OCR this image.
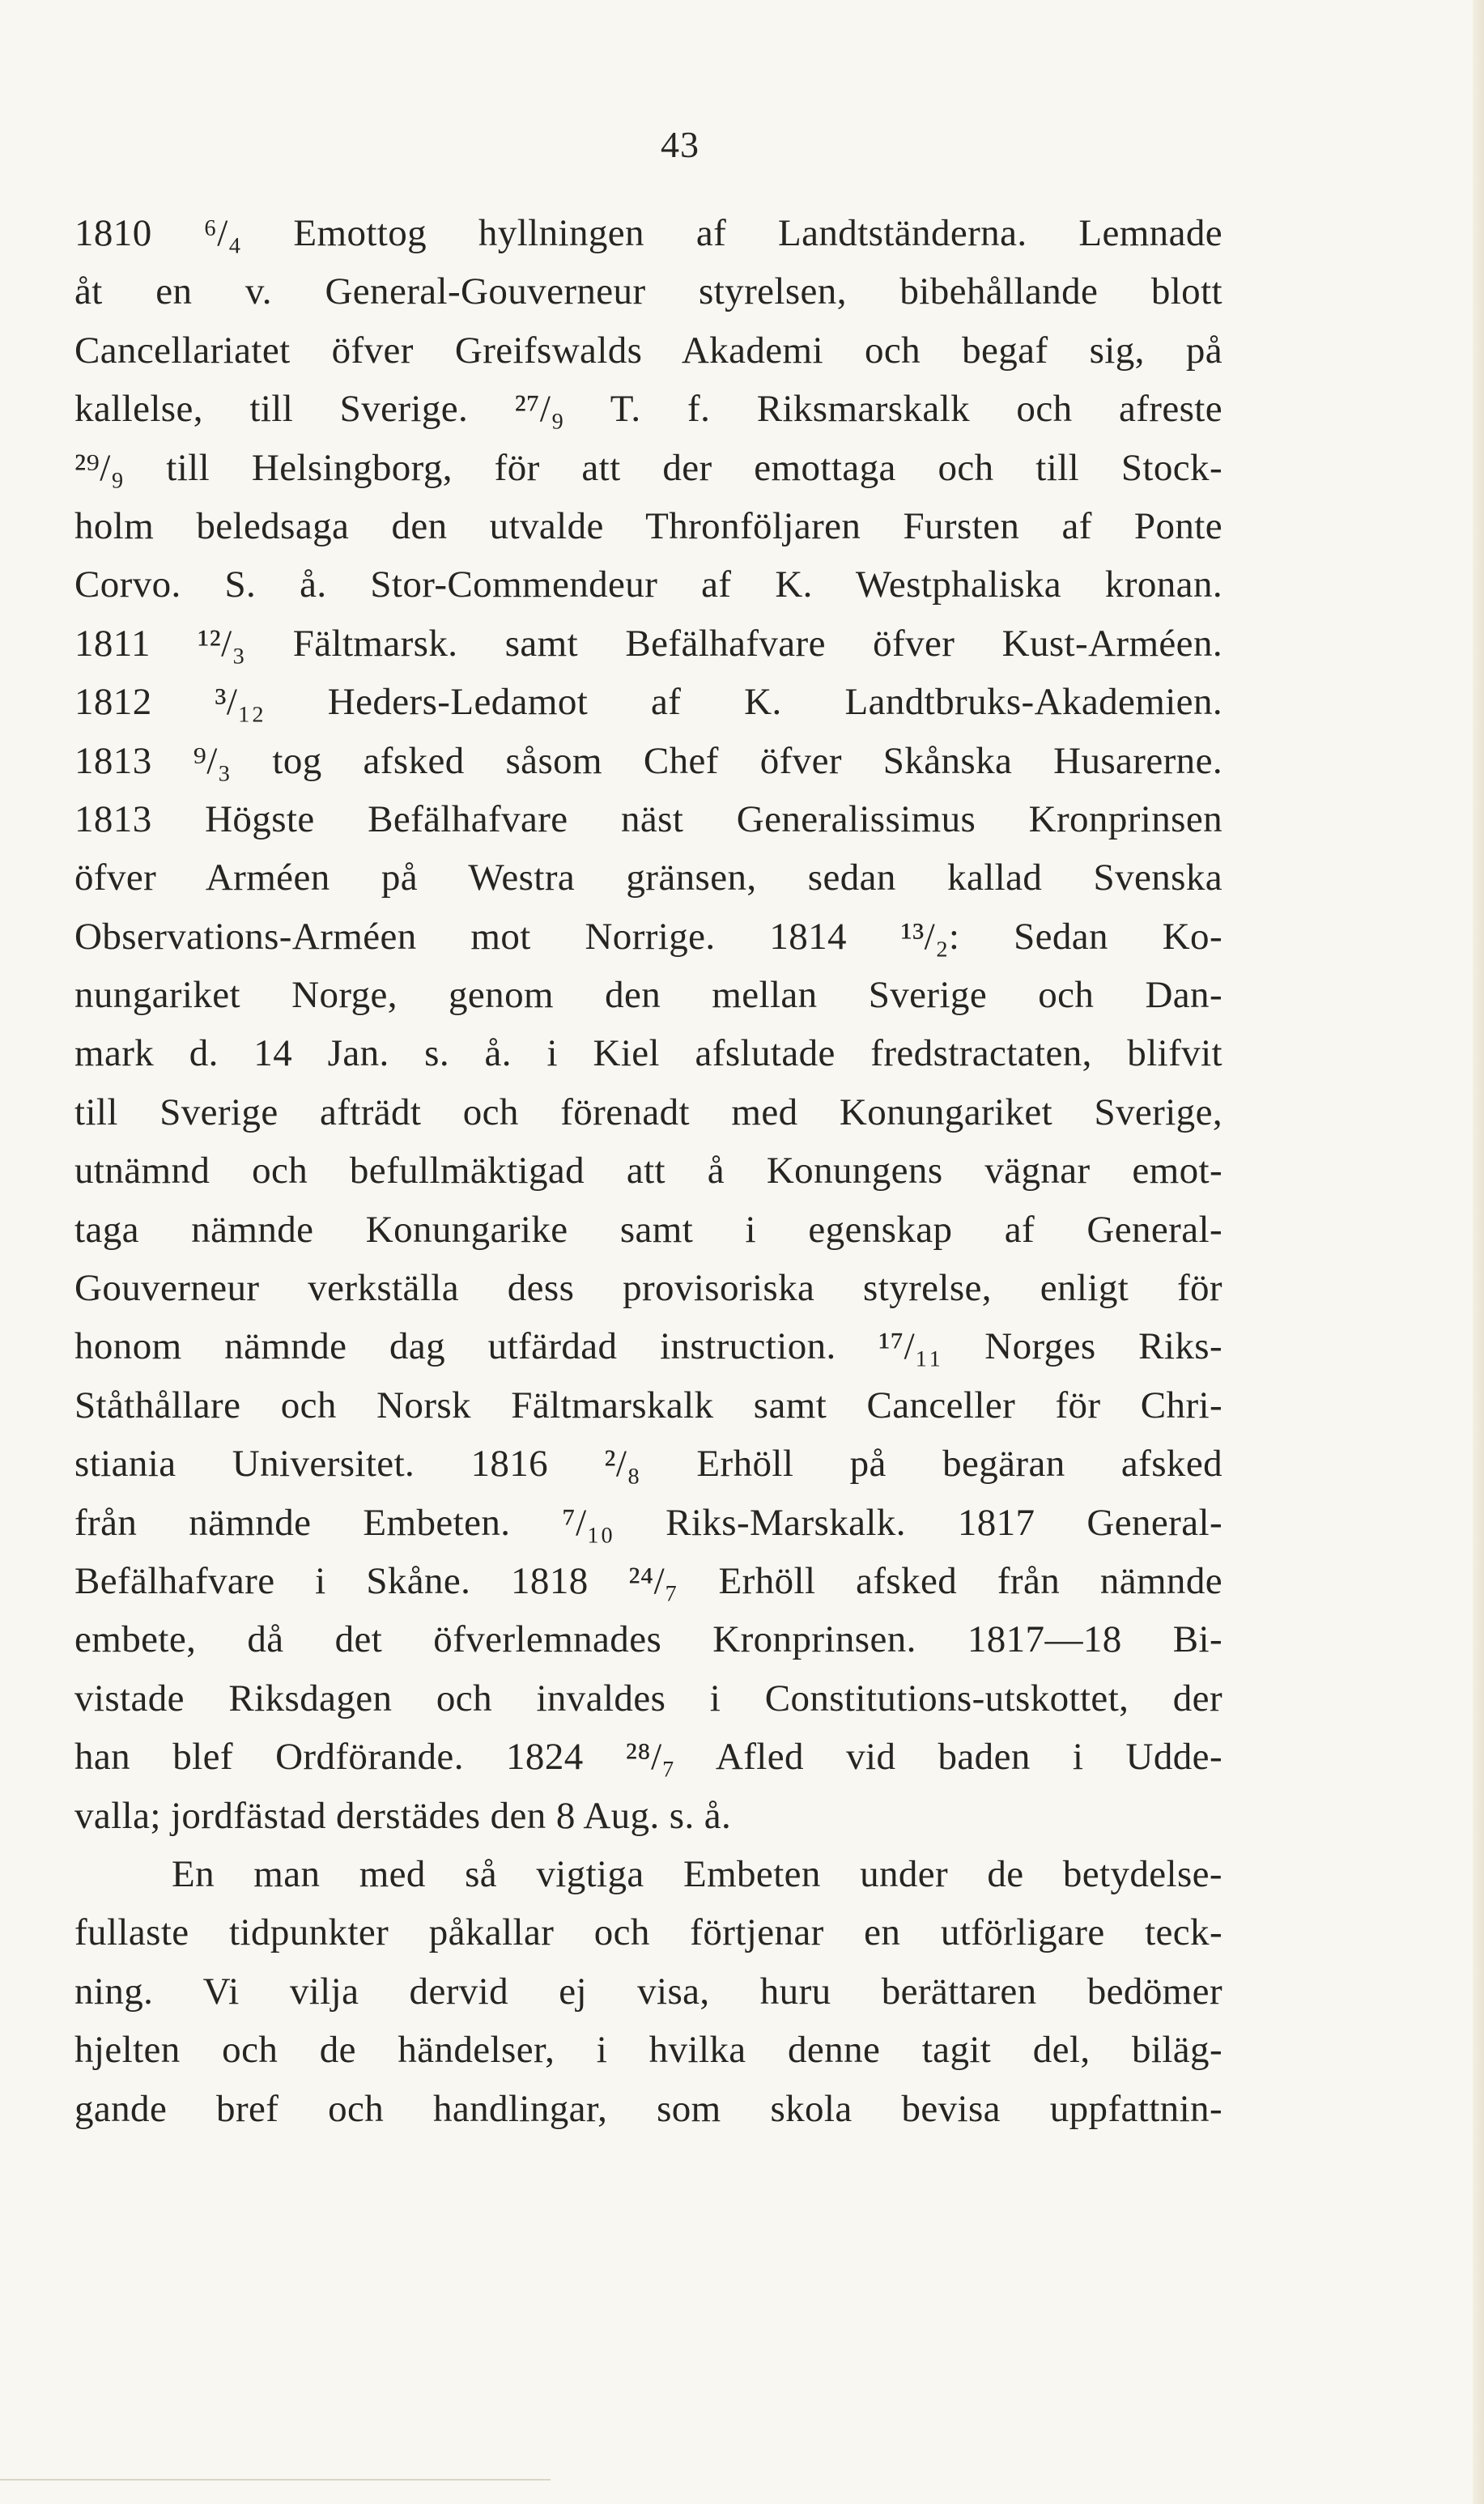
43
1810 ⁶/₄ Emottog hyllningen af Landtständerna. Lemnade
åt en v. General-Gouverneur styrelsen, bibehållande blott
Cancellariatet öfver Greifswalds Akademi och begaf sig, på
kallelse, till Sverige. ²⁷/₉ T. f. Riksmarskalk och afreste
²⁹/₉ till Helsingborg, för att der emottaga och till Stock-
holm beledsaga den utvalde Thronföljaren Fursten af Ponte
Corvo. S. å. Stor-Commendeur af K. Westphaliska kronan.
1811 ¹²/₃ Fältmarsk. samt Befälhafvare öfver Kust-Arméen.
1812 ³/₁₂ Heders-Ledamot af K. Landtbruks-Akademien.
1813 ⁹/₃ tog afsked såsom Chef öfver Skånska Husarerne.
1813 Högste Befälhafvare näst Generalissimus Kronprinsen
öfver Arméen på Westra gränsen, sedan kallad Svenska
Observations-Arméen mot Norrige. 1814 ¹³/₂: Sedan Ko-
nungariket Norge, genom den mellan Sverige och Dan-
mark d. 14 Jan. s. å. i Kiel afslutade fredstractaten, blifvit
till Sverige afträdt och förenadt med Konungariket Sverige,
utnämnd och befullmäktigad att å Konungens vägnar emot-
taga nämnde Konungarike samt i egenskap af General-
Gouverneur verkställa dess provisoriska styrelse, enligt för
honom nämnde dag utfärdad instruction. ¹⁷/₁₁ Norges Riks-
Ståthållare och Norsk Fältmarskalk samt Canceller för Chri-
stiania Universitet. 1816 ²/₈ Erhöll på begäran afsked
från nämnde Embeten. ⁷/₁₀ Riks-Marskalk. 1817 General-
Befälhafvare i Skåne. 1818 ²⁴/₇ Erhöll afsked från nämnde
embete, då det öfverlemnades Kronprinsen. 1817—18 Bi-
vistade Riksdagen och invaldes i Constitutions-utskottet, der
han blef Ordförande. 1824 ²⁸/₇ Afled vid baden i Udde-
valla; jordfästad derstädes den 8 Aug. s. å.
En man med så vigtiga Embeten under de betydelse-
fullaste tidpunkter påkallar och förtjenar en utförligare teck-
ning. Vi vilja dervid ej visa, huru berättaren bedömer
hjelten och de händelser, i hvilka denne tagit del, biläg-
gande bref och handlingar, som skola bevisa uppfattnin-
